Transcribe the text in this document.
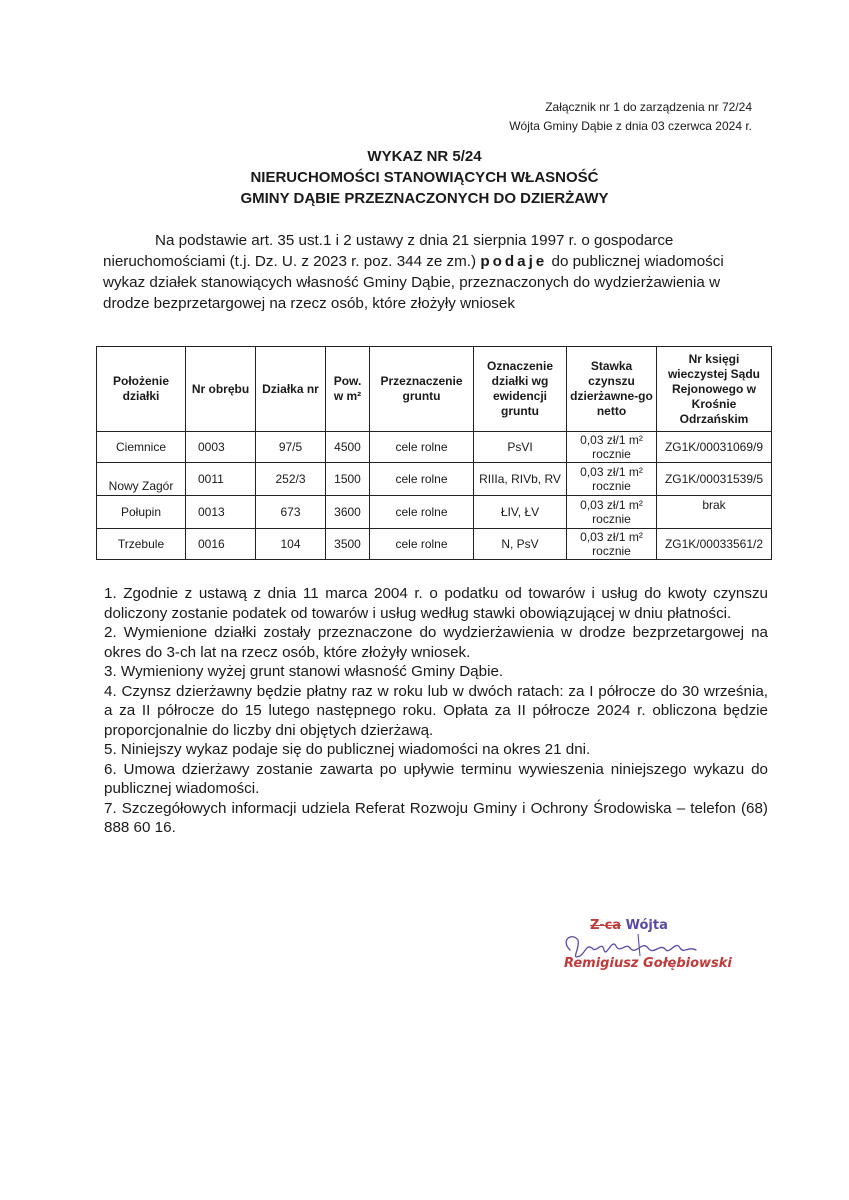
Załącznik nr 1 do zarządzenia nr 72/24
Wójta Gminy Dąbie z dnia 03 czerwca 2024 r.
WYKAZ NR 5/24
NIERUCHOMOŚCI STANOWIĄCYCH WŁASNOŚĆ
GMINY DĄBIE PRZEZNACZONYCH DO DZIERŻAWY
Na podstawie art. 35 ust.1 i 2 ustawy z dnia 21 sierpnia 1997 r. o gospodarce nieruchomościami (t.j. Dz. U. z 2023 r. poz. 344 ze zm.) podaje do publicznej wiadomości wykaz działek stanowiących własność Gminy Dąbie, przeznaczonych do wydzierżawienia w drodze bezprzetargowej na rzecz osób, które złożyły wniosek
Położenie działki	Nr obrębu	Działka nr	Pow. w m²	Przeznaczenie gruntu	Oznaczenie działki wg ewidencji gruntu	Stawka czynszu dzierżawne-go netto	Nr księgi wieczystej Sądu Rejonowego w Krośnie Odrzańskim
Ciemnice	0003	97/5	4500	cele rolne	PsVI	0,03 zł/1 m² rocznie	ZG1K/00031069/9
Nowy Zagór	0011	252/3	1500	cele rolne	RIIIa, RIVb, RV	0,03 zł/1 m² rocznie	ZG1K/00031539/5
Połupin	0013	673	3600	cele rolne	ŁIV, ŁV	0,03 zł/1 m² rocznie	brak
Trzebule	0016	104	3500	cele rolne	N, PsV	0,03 zł/1 m² rocznie	ZG1K/00033561/2
1. Zgodnie z ustawą z dnia 11 marca 2004 r. o podatku od towarów i usług do kwoty czynszu doliczony zostanie podatek od towarów i usług według stawki obowiązującej w dniu płatności.
2. Wymienione działki zostały przeznaczone do wydzierżawienia w drodze bezprzetargowej na okres do 3-ch lat na rzecz osób, które złożyły wniosek.
3. Wymieniony wyżej grunt stanowi własność Gminy Dąbie.
4. Czynsz dzierżawny będzie płatny raz w roku lub w dwóch ratach: za I półrocze do 30 września, a za II półrocze do 15 lutego następnego roku. Opłata za II półrocze 2024 r. obliczona będzie proporcjonalnie do liczby dni objętych dzierżawą.
5. Niniejszy wykaz podaje się do publicznej wiadomości na okres 21 dni.
6. Umowa dzierżawy zostanie zawarta po upływie terminu wywieszenia niniejszego wykazu do publicznej wiadomości.
7. Szczegółowych informacji udziela Referat Rozwoju Gminy i Ochrony Środowiska – telefon (68) 888 60 16.
Z-ca Wójta
Remigiusz Gołębiowski
